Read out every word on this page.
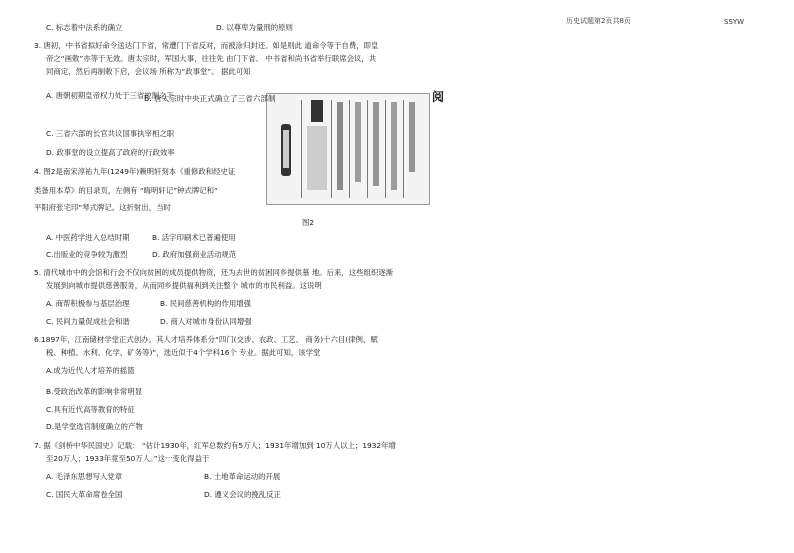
历史试题第2页共8页	SSYW
C. 标志着中法系的确立	D. 以尊卑为量刑的原则
3. 唐初，中书省拟好命令送达门下省，常遭门下省反对，而被涂归封还。如是则此 道命令等于自费，即皇
帝之“画敕”亦等于无效。唐太宗时，军国大事，往往先 由门下省、 中书省和尚书省举行联席会议，共
同商定，然后再制敕下启，会议场 所称为“政事堂”。 据此可知
A. 唐朝初期皇帝权力处于三省控制之下
B. 唐太宗时中央正式确立了三省六部制	阅
C. 三省六部的长官共议国事执宰相之职
D. 政事堂的设立提高了政府的行政效率
4. 图2是南宋淳祐九年(1249年)赖明轩刻本《重修政和经史证
类备用本草》的目录页，左侧有 “晦明轩记”钟式牌记和“
平阳府张宅印”琴式牌记。这折射出，当时
图2
A. 中医药学进入总结时期	B. 活字印刷术已普遍使用
C.出版业的竞争较为激烈	D. 政府加强商业活动规范
5. 清代城市中的会馆和行会不仅向贫困的成员提供物资，还为去世的贫困同乡提供墓 地。后来，这些组织逐渐
发展到向城市提供慈善服务，从而同乡提供福利到关注整个 城市的市民利益。这说明
A. 商帮积极参与基层治理	B. 民间慈善机构的作用增强
C. 民间力量促成社会和谐	D. 商人对城市身份认同增强
6.1897年，江南储材学堂正式创办。其人才培养体系分“四门(交涉、农政、工艺、 商务)十六目(律例、赋
税、种植、水利、化学、矿务等)”，选近似于4个学科16个 专业。据此可知，该学堂
A.成为近代人才培养的摇篮
B.受政治改革的影响非常明显
C.具有近代高等教育的特征
D.是学堂选官制度确立的产物
7. 据《剑桥中华民国史》记载： “估计1930年，红军总数约有5万人；1931年增加到 10万人以上；1932年增
至20万人；1933年竟至50万人。”这一变化得益于
A. 毛泽东思想写入党章	B. 土地革命运动的开展
C. 国民大革命席卷全国	D. 遵义会议的挽乱反正
